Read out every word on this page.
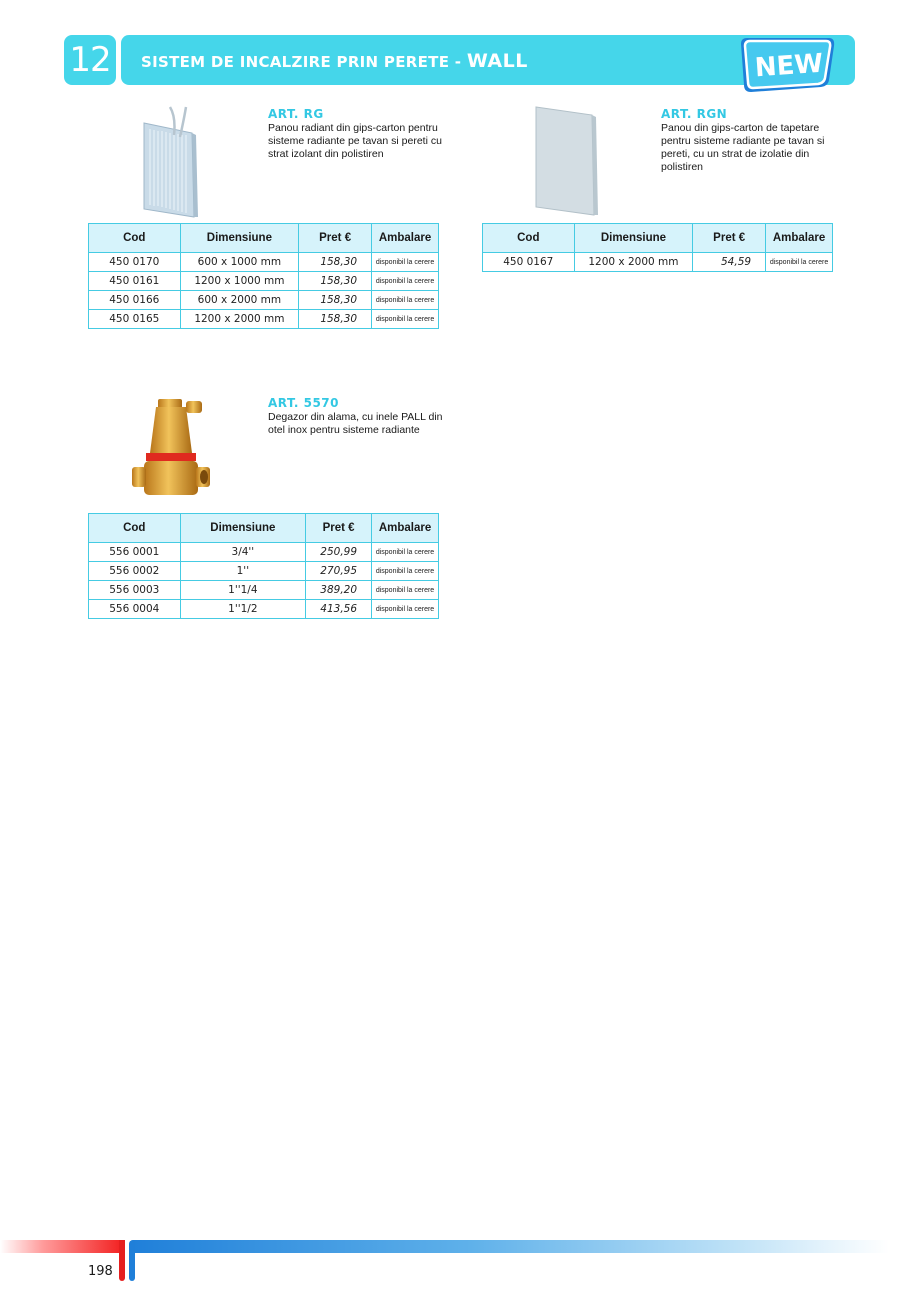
12	SISTEM DE INCALZIRE PRIN PERETE - WALL	NEW
ART. RG
Panou radiant din gips-carton pentru sisteme radiante pe tavan si pereti cu strat izolant din polistiren
Cod	Dimensiune	Pret €	Ambalare
450 0170	600 x 1000 mm	158,30	disponibil la cerere
450 0161	1200 x 1000 mm	158,30	disponibil la cerere
450 0166	600 x 2000 mm	158,30	disponibil la cerere
450 0165	1200 x 2000 mm	158,30	disponibil la cerere
ART. RGN
Panou din gips-carton de tapetare pentru sisteme radiante pe tavan si pereti, cu un strat de izolatie din polistiren
Cod	Dimensiune	Pret €	Ambalare
450 0167	1200 x 2000 mm	54,59	disponibil la cerere
ART. 5570
Degazor din alama, cu inele PALL din otel inox pentru sisteme radiante
Cod	Dimensiune	Pret €	Ambalare
556 0001	3/4''	250,99	disponibil la cerere
556 0002	1''	270,95	disponibil la cerere
556 0003	1''1/4	389,20	disponibil la cerere
556 0004	1''1/2	413,56	disponibil la cerere
198
